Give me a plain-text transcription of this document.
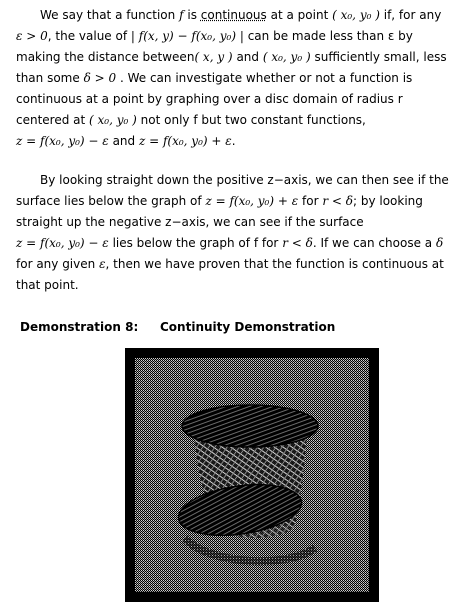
We say that a function f is continuous at a point ( x₀, y₀ ) if, for any ε > 0, the value of | f(x, y) − f(x₀, y₀) | can be made less than ε by making the distance between( x, y ) and ( x₀, y₀ ) sufficiently small, less than some δ > 0 . We can investigate whether or not a function is continuous at a point by graphing over a disc domain of radius r centered at ( x₀, y₀ ) not only f but two constant functions, z = f(x₀, y₀) − ε and z = f(x₀, y₀) + ε.

By looking straight down the positive z−axis, we can then see if the surface lies below the graph of z = f(x₀, y₀) + ε for r < δ; by looking straight up the negative z−axis, we can see if the surface z = f(x₀, y₀) − ε lies below the graph of f for r < δ. If we can choose a δ for any given ε, then we have proven that the function is continuous at that point.

Demonstration 8: Continuity Demonstration
